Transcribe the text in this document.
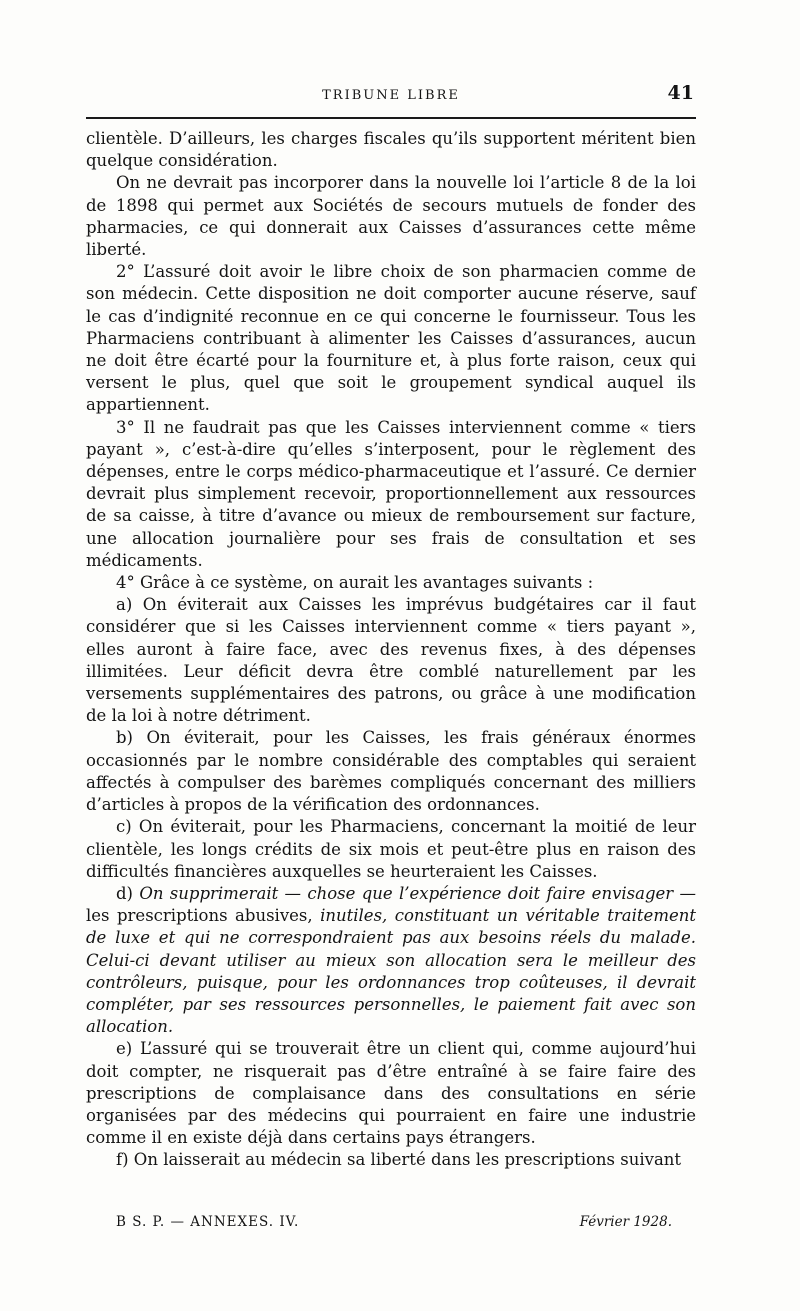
TRIBUNE LIBRE	41

clientèle. D’ailleurs, les charges fiscales qu’ils supportent méritent bien quelque considération.

On ne devrait pas incorporer dans la nouvelle loi l’article 8 de la loi de 1898 qui permet aux Sociétés de secours mutuels de fonder des pharmacies, ce qui donnerait aux Caisses d’assurances cette même liberté.

2° L’assuré doit avoir le libre choix de son pharmacien comme de son médecin. Cette disposition ne doit comporter aucune réserve, sauf le cas d’indignité reconnue en ce qui concerne le fournisseur. Tous les Pharmaciens contribuant à alimenter les Caisses d’assurances, aucun ne doit être écarté pour la fourniture et, à plus forte raison, ceux qui versent le plus, quel que soit le groupement syndical auquel ils appartiennent.

3° Il ne faudrait pas que les Caisses interviennent comme « tiers payant », c’est-à-dire qu’elles s’interposent, pour le règlement des dépenses, entre le corps médico-pharmaceutique et l’assuré. Ce dernier devrait plus simplement recevoir, proportionnellement aux ressources de sa caisse, à titre d’avance ou mieux de remboursement sur facture, une allocation journalière pour ses frais de consultation et ses médicaments.

4° Grâce à ce système, on aurait les avantages suivants :

a) On éviterait aux Caisses les imprévus budgétaires car il faut considérer que si les Caisses interviennent comme « tiers payant », elles auront à faire face, avec des revenus fixes, à des dépenses illimitées. Leur déficit devra être comblé naturellement par les versements supplémentaires des patrons, ou grâce à une modification de la loi à notre détriment.

b) On éviterait, pour les Caisses, les frais généraux énormes occasionnés par le nombre considérable des comptables qui seraient affectés à compulser des barèmes compliqués concernant des milliers d’articles à propos de la vérification des ordonnances.

c) On éviterait, pour les Pharmaciens, concernant la moitié de leur clientèle, les longs crédits de six mois et peut-être plus en raison des difficultés financières auxquelles se heurteraient les Caisses.

d) On supprimerait — chose que l’expérience doit faire envisager — les prescriptions abusives, inutiles, constituant un véritable traitement de luxe et qui ne correspondraient pas aux besoins réels du malade. Celui-ci devant utiliser au mieux son allocation sera le meilleur des contrôleurs, puisque, pour les ordonnances trop coûteuses, il devrait compléter, par ses ressources personnelles, le paiement fait avec son allocation.

e) L’assuré qui se trouverait être un client qui, comme aujourd’hui doit compter, ne risquerait pas d’être entraîné à se faire faire des prescriptions de complaisance dans des consultations en série organisées par des médecins qui pourraient en faire une industrie comme il en existe déjà dans certains pays étrangers.

f) On laisserait au médecin sa liberté dans les prescriptions suivant

B S. P. — ANNEXES. IV.	Février 1928.
